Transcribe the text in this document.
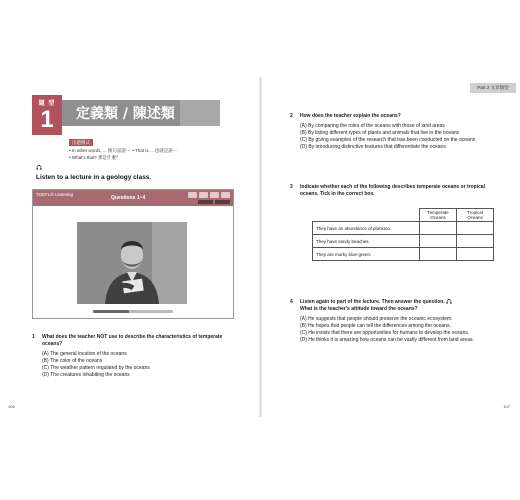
題 型
1	定義類 / 陳述類
出題模式
• In other words, ... 換句話說⋯ • That is, ...也就是說⋯
• What's that? 那是什麼？
Listen to a lecture in a geology class.
TOEFL® Listening
Questions 1~4
1 What does the teacher NOT use to describe the characteristics of temperate oceans?
(A) The general location of the oceans
(B) The color of the oceans
(C) The weather pattern regulated by the oceans
(D) The creatures inhabiting the oceans
106
Part 2 文章類型
2 How does the teacher explain the oceans?
(A) By comparing the roles of the oceans with those of land areas
(B) By listing different types of plants and animals that live in the oceans
(C) By giving examples of the research that has been conducted on the oceans
(D) By introducing distinctive features that differentiate the oceans
3 Indicate whether each of the following describes temperate oceans or tropical oceans. Tick in the correct box.
	Temperate Oceans	Tropical Oceans
They have an abundance of plankton.		
They have sandy beaches.		
They are murky blue-green.		
4 Listen again to part of the lecture. Then answer the question.
What is the teacher's attitude toward the oceans?
(A) He suggests that people should preserve the oceanic ecosystem.
(B) He hopes that people can tell the differences among the oceans.
(C) He insists that there are opportunities for humans to develop the oceans.
(D) He thinks it is amazing how oceans can be vastly different from land areas.
107
